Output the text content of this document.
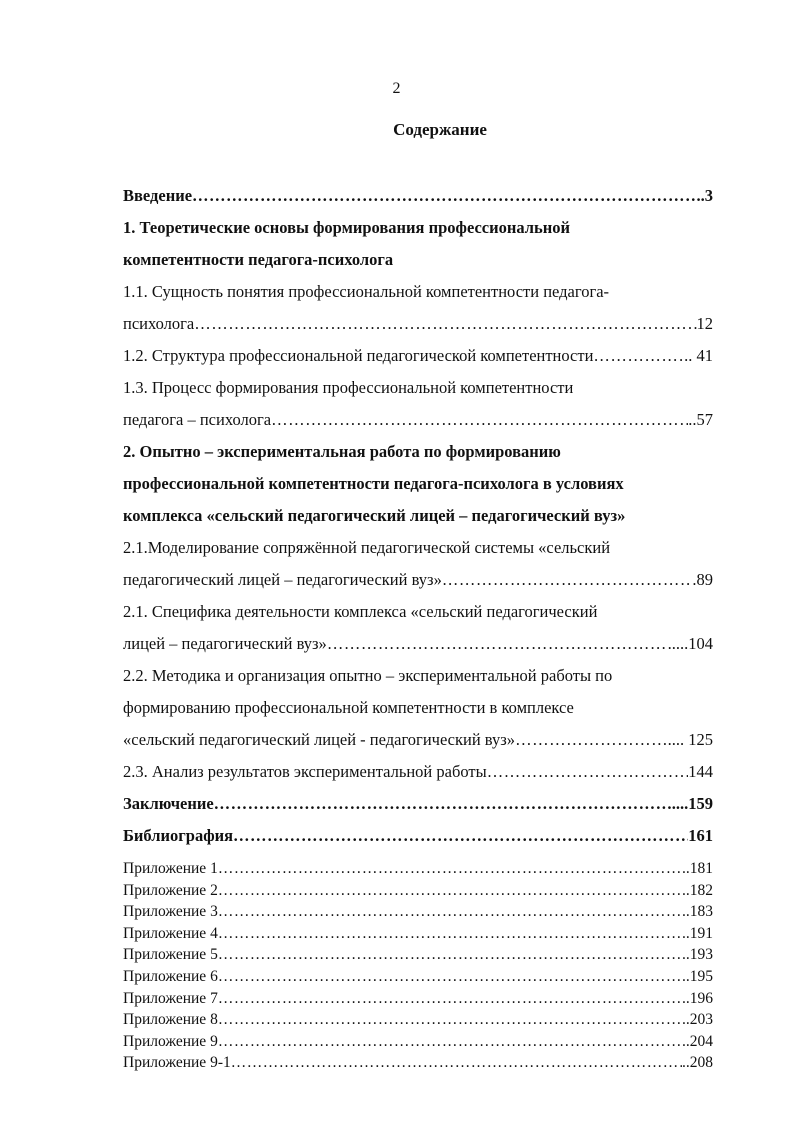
2
Содержание
Введение ……………………………………………………………………………………………………………………………………………………	..3
1. Теоретические основы формирования профессиональной
компетентности педагога-психолога
1.1. Сущность понятия профессиональной компетентности педагога-
психолога ……………………………………………………………………………………………………………………………………………………	12
1.2. Структура профессиональной педагогической компетентности ……………………………………………………………………………………………………………………………………………………	.. 41
1.3. Процесс формирования профессиональной компетентности
педагога – психолога ……………………………………………………………………………………………………………………………………………………	..57
2. Опытно – экспериментальная работа по формированию
профессиональной компетентности педагога-психолога в условиях
комплекса «сельский педагогический лицей – педагогический вуз»
2.1.Моделирование сопряжённой педагогической системы «сельский
педагогический лицей – педагогический вуз» ……………………………………………………………………………………………………………………………………………………	.89
2.1. Специфика деятельности комплекса «сельский педагогический
лицей – педагогический вуз» ……………………………………………………………………………………………………………………………………………………	.....104
2.2. Методика и организация опытно – экспериментальной работы по
формированию профессиональной компетентности в комплексе
«сельский педагогический лицей - педагогический вуз» ……………………………………………………………………………………………………………………………………………………	.... 125
2.3. Анализ результатов экспериментальной работы ……………………………………………………………………………………………………………………………………………………	144
Заключение ……………………………………………………………………………………………………………………………………………………	....159
Библиография ……………………………………………………………………………………………………………………………………………………	161
Приложение 1 ……………………………………………………………………………………………………………………………………………………	..181
Приложение 2 ……………………………………………………………………………………………………………………………………………………	..182
Приложение 3 ……………………………………………………………………………………………………………………………………………………	..183
Приложение 4 ……………………………………………………………………………………………………………………………………………………	..191
Приложение 5 ……………………………………………………………………………………………………………………………………………………	..193
Приложение 6 ……………………………………………………………………………………………………………………………………………………	..195
Приложение 7 ……………………………………………………………………………………………………………………………………………………	..196
Приложение 8 ……………………………………………………………………………………………………………………………………………………	..203
Приложение 9 ……………………………………………………………………………………………………………………………………………………	..204
Приложение 9-1 ……………………………………………………………………………………………………………………………………………………	..208
